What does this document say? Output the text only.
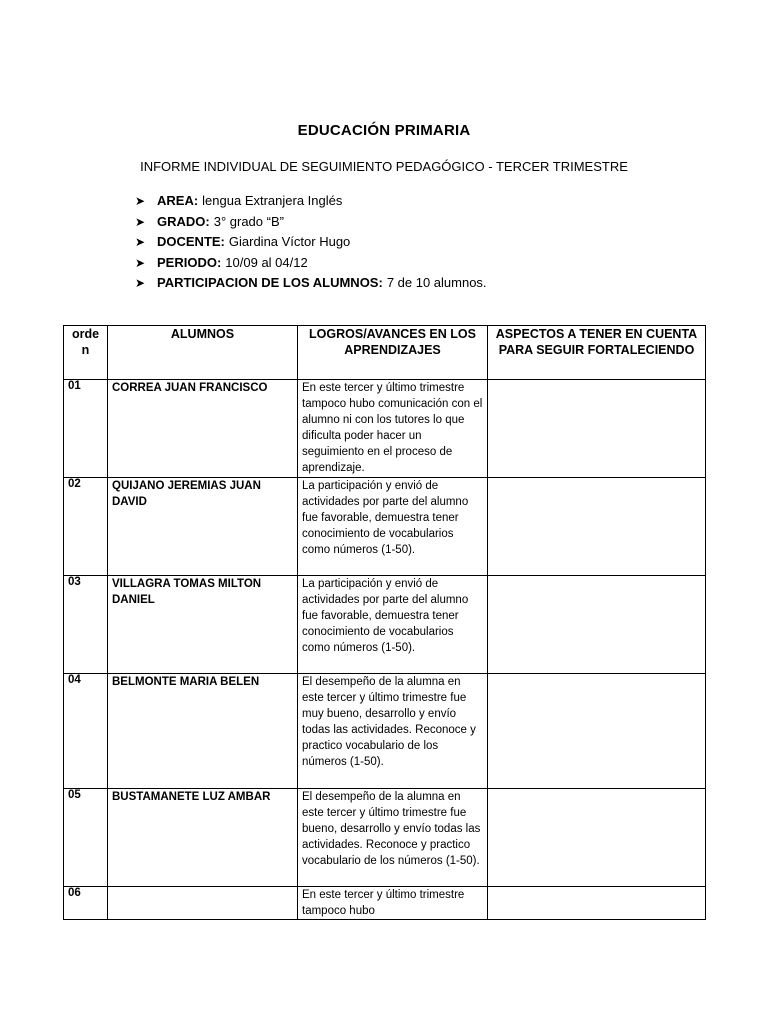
EDUCACIÓN PRIMARIA
INFORME INDIVIDUAL DE SEGUIMIENTO PEDAGÓGICO - TERCER TRIMESTRE
➤ AREA: lengua Extranjera Inglés
➤ GRADO: 3° grado “B”
➤ DOCENTE: Giardina Víctor Hugo
➤ PERIODO: 10/09 al 04/12
➤ PARTICIPACION DE LOS ALUMNOS: 7 de 10 alumnos.
orde n	ALUMNOS	LOGROS/AVANCES EN LOS APRENDIZAJES	ASPECTOS A TENER EN CUENTA PARA SEGUIR FORTALECIENDO
01	CORREA JUAN FRANCISCO	En este tercer y último trimestre tampoco hubo comunicación con el alumno ni con los tutores lo que dificulta poder hacer un seguimiento en el proceso de aprendizaje.	
02	QUIJANO JEREMIAS JUAN DAVID	La participación y envió de actividades por parte del alumno fue favorable, demuestra tener conocimiento de vocabularios como números (1-50).	
03	VILLAGRA TOMAS MILTON DANIEL	La participación y envió de actividades por parte del alumno fue favorable, demuestra tener conocimiento de vocabularios como números (1-50).	
04	BELMONTE MARIA BELEN	El desempeño de la alumna en este tercer y último trimestre fue muy bueno, desarrollo y envío todas las actividades. Reconoce y practico vocabulario de los números (1-50).	
05	BUSTAMANETE LUZ AMBAR	El desempeño de la alumna en este tercer y último trimestre fue bueno, desarrollo y envío todas las actividades. Reconoce y practico vocabulario de los números (1-50).	
06		En este tercer y último trimestre tampoco hubo	
